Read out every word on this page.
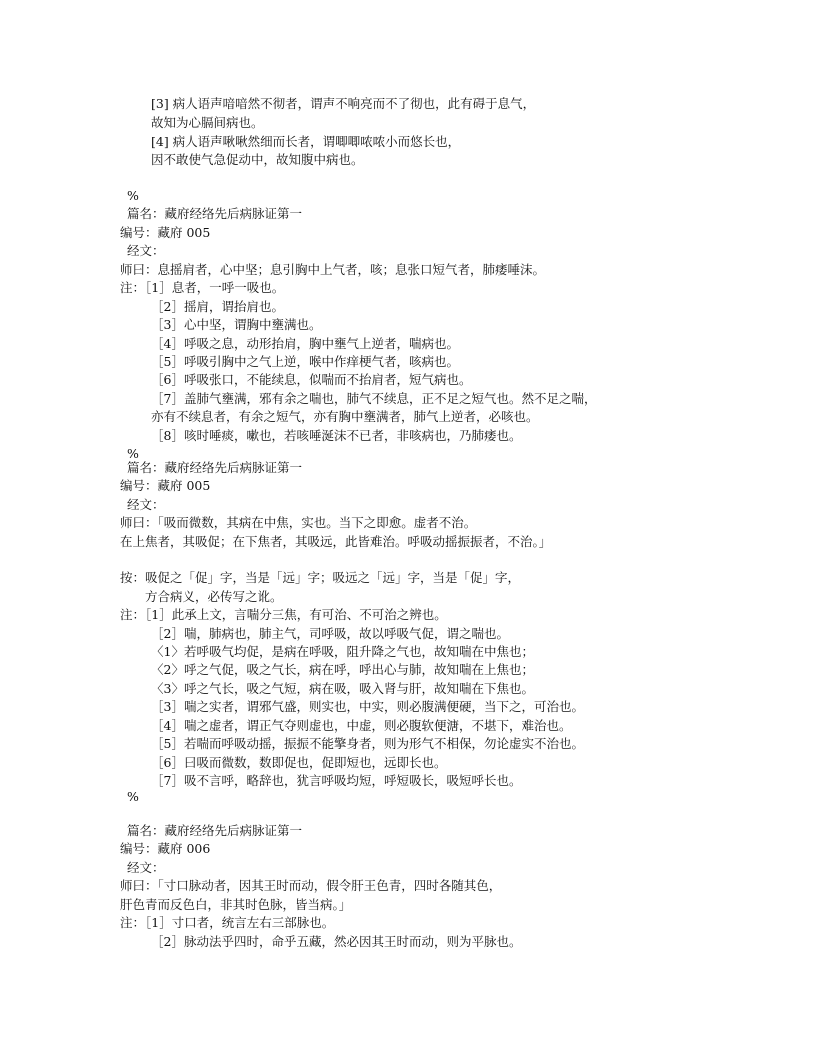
[3] 病人语声喑喑然不彻者，谓声不响亮而不了彻也，此有碍于息气，
故知为心膈间病也。
[4] 病人语声啾啾然细而长者，谓唧唧哝哝小而悠长也，
因不敢使气急促动中，故知腹中病也。
%
篇名：藏府经络先后病脉证第一
编号：藏府 005
经文：
师曰：息摇肩者，心中坚；息引胸中上气者，咳；息张口短气者，肺痿唾沫。
注：［1］息者，一呼一吸也。
［2］摇肩，谓抬肩也。
［3］心中坚，谓胸中壅满也。
［4］呼吸之息，动形抬肩，胸中壅气上逆者，喘病也。
［5］呼吸引胸中之气上逆，喉中作痒梗气者，咳病也。
［6］呼吸张口，不能续息，似喘而不抬肩者，短气病也。
［7］盖肺气壅满，邪有余之喘也，肺气不续息，正不足之短气也。然不足之喘，
亦有不续息者，有余之短气，亦有胸中壅满者，肺气上逆者，必咳也。
［8］咳时唾痰，嗽也，若咳唾涎沫不已者，非咳病也，乃肺痿也。
%
篇名：藏府经络先后病脉证第一
编号：藏府 005
经文：
师曰：「吸而微数，其病在中焦，实也。当下之即愈。虚者不治。
在上焦者，其吸促；在下焦者，其吸远，此皆难治。呼吸动摇振振者，不治。」
按：吸促之「促」字，当是「远」字；吸远之「远」字，当是「促」字，
方合病义，必传写之讹。
注：［1］此承上文，言喘分三焦，有可治、不可治之辨也。
［2］喘，肺病也，肺主气，司呼吸，故以呼吸气促，谓之喘也。
〈1〉若呼吸气均促，是病在呼吸，阻升降之气也，故知喘在中焦也；
〈2〉呼之气促，吸之气长，病在呼，呼出心与肺，故知喘在上焦也；
〈3〉呼之气长，吸之气短，病在吸，吸入肾与肝，故知喘在下焦也。
［3］喘之实者，谓邪气盛，则实也，中实，则必腹满便硬，当下之，可治也。
［4］喘之虚者，谓正气夺则虚也，中虚，则必腹软便溏，不堪下，难治也。
［5］若喘而呼吸动摇，振振不能擎身者，则为形气不相保，勿论虚实不治也。
［6］曰吸而微数，数即促也，促即短也，远即长也。
［7］吸不言呼，略辞也，犹言呼吸均短，呼短吸长，吸短呼长也。
%
篇名：藏府经络先后病脉证第一
编号：藏府 006
经文：
师曰：「寸口脉动者，因其王时而动，假令肝王色青，四时各随其色，
肝色青而反色白，非其时色脉，皆当病。」
注：［1］寸口者，统言左右三部脉也。
［2］脉动法乎四时，命乎五藏，然必因其王时而动，则为平脉也。
